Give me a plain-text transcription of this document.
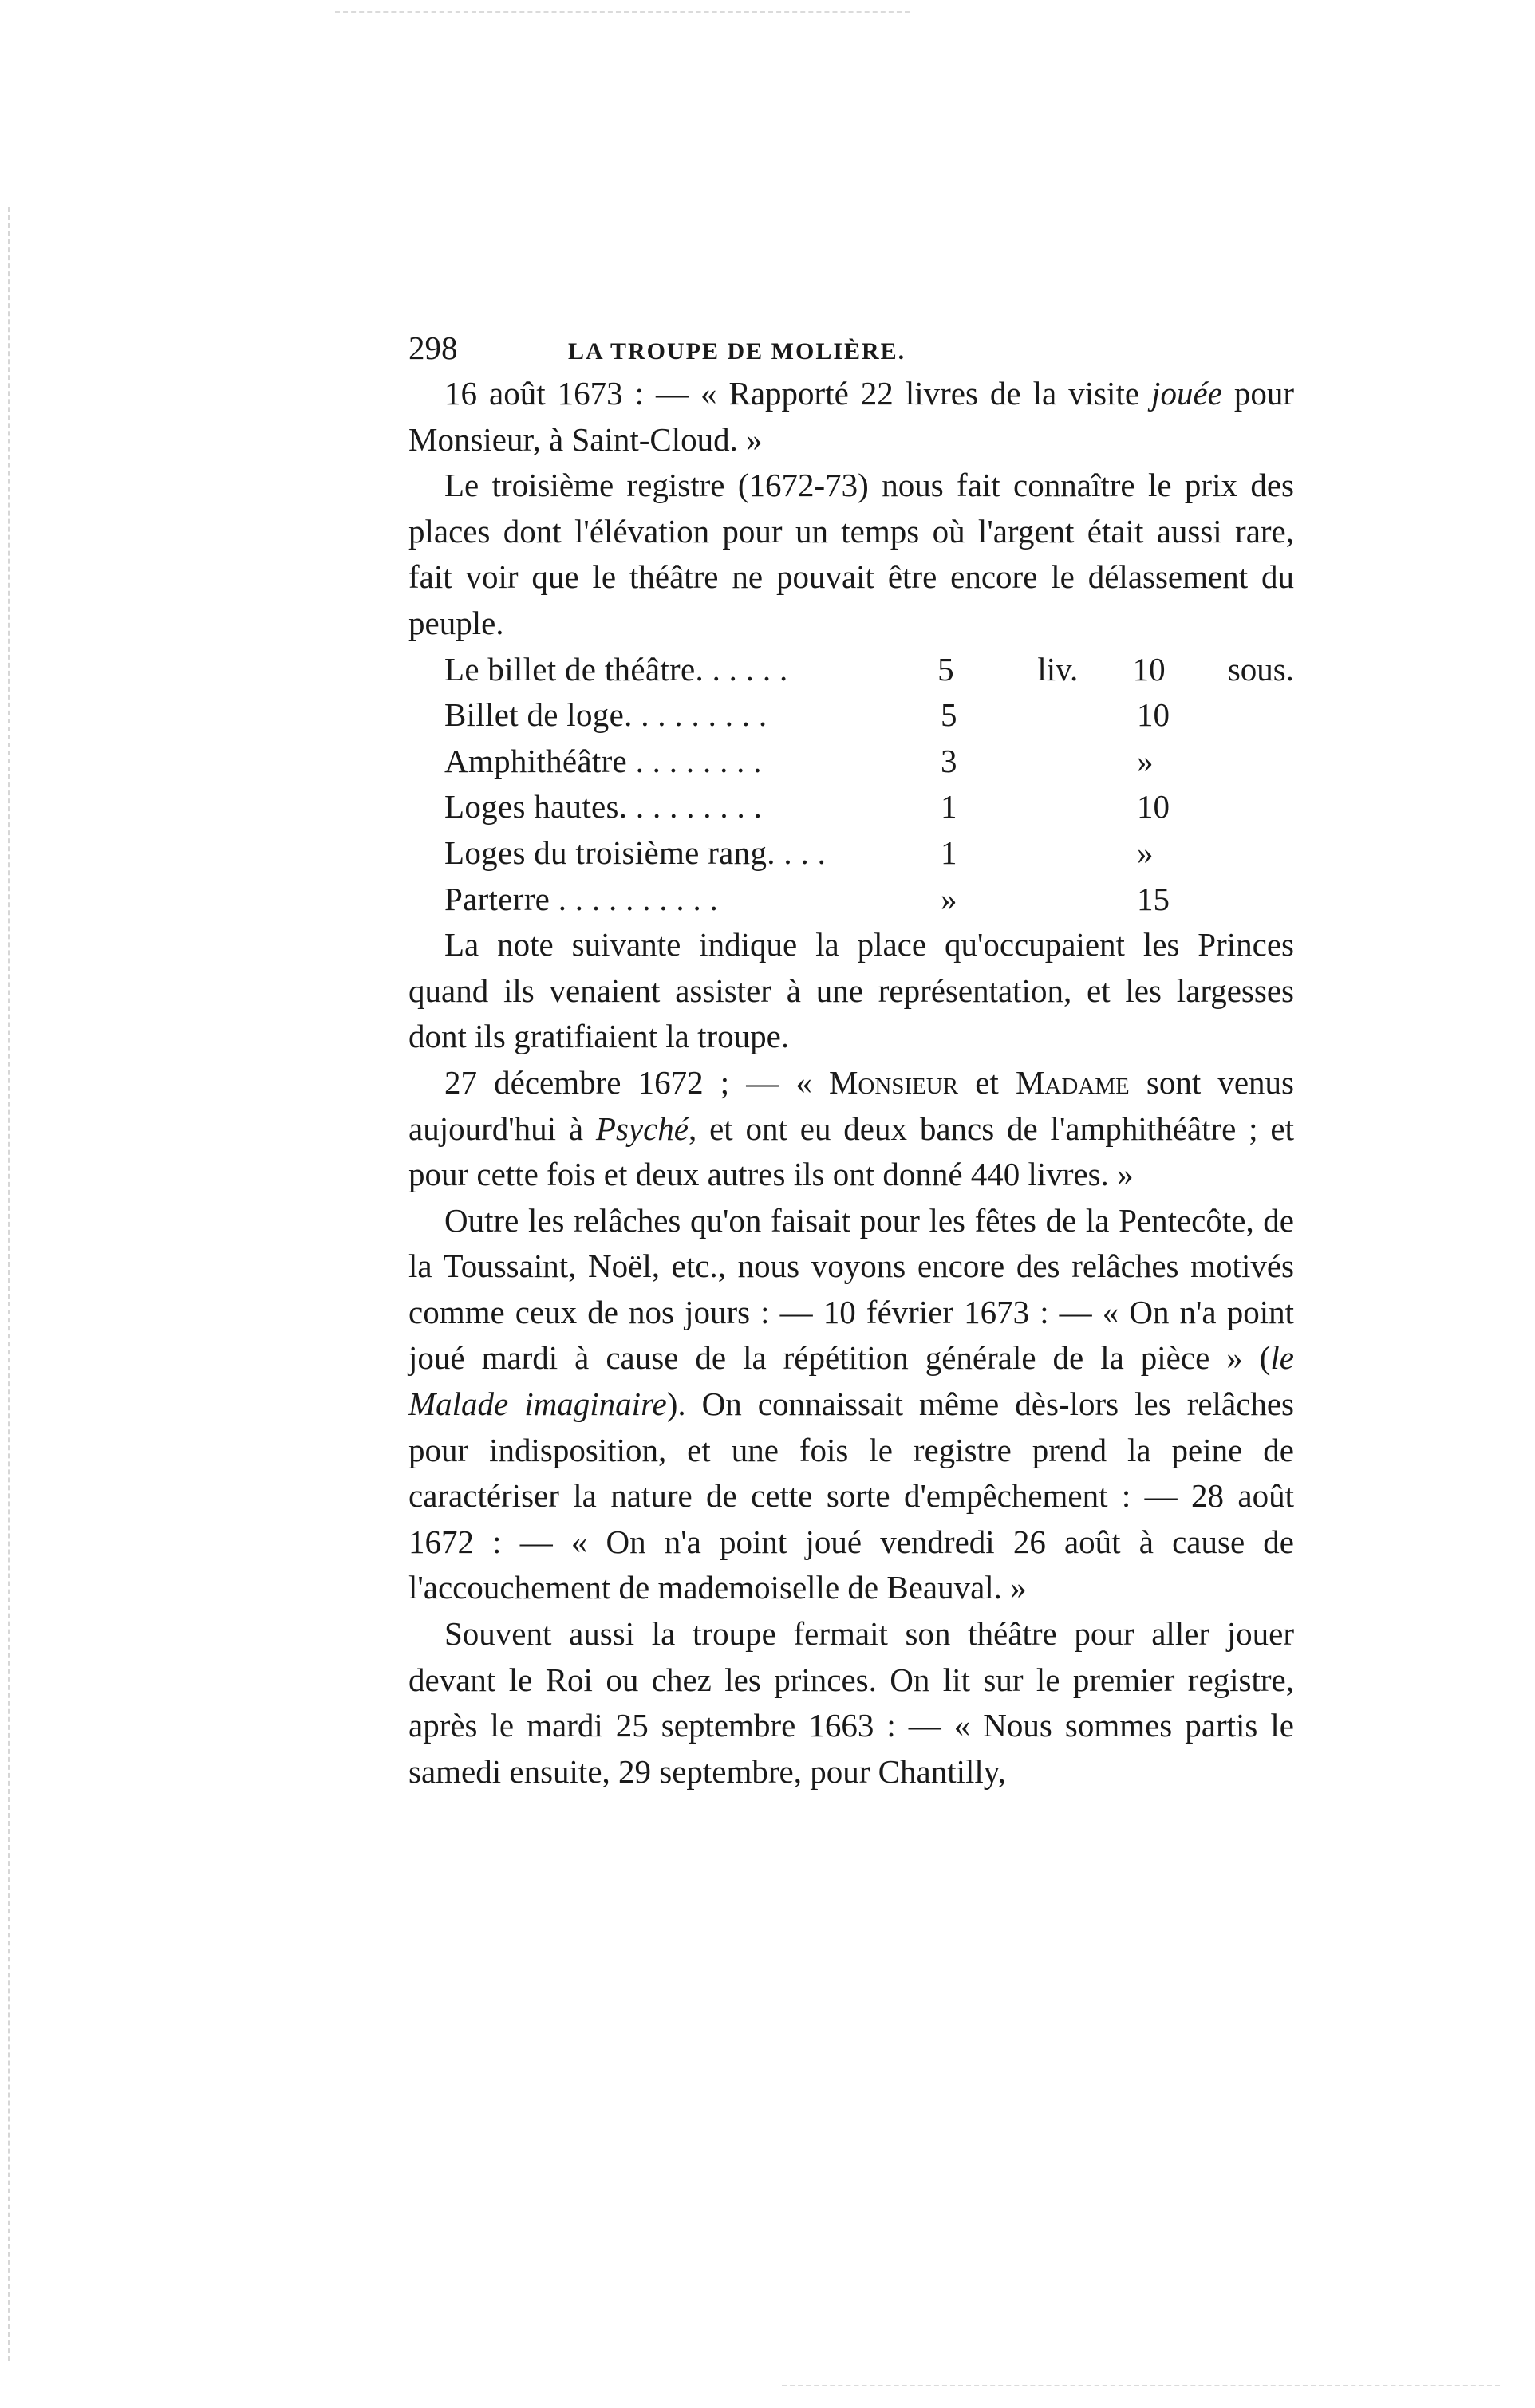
298	LA TROUPE DE MOLIÈRE.

16 août 1673 : — « Rapporté 22 livres de la visite jouée pour Monsieur, à Saint-Cloud. »

Le troisième registre (1672-73) nous fait connaître le prix des places dont l'élévation pour un temps où l'argent était aussi rare, fait voir que le théâtre ne pouvait être encore le délassement du peuple.

Le billet de théâtre. . . . . .	5	liv.	10	sous.
Billet de loge. . . . . . . . .	5	10
Amphithéâtre . . . . . . . .	3	»
Loges hautes. . . . . . . . .	1	10
Loges du troisième rang. . . .	1	»
Parterre . . . . . . . . . .	»	15

La note suivante indique la place qu'occupaient les Princes quand ils venaient assister à une représentation, et les largesses dont ils gratifiaient la troupe.

27 décembre 1672 ; — « Monsieur et Madame sont venus aujourd'hui à Psyché, et ont eu deux bancs de l'amphithéâtre ; et pour cette fois et deux autres ils ont donné 440 livres. »

Outre les relâches qu'on faisait pour les fêtes de la Pentecôte, de la Toussaint, Noël, etc., nous voyons encore des relâches motivés comme ceux de nos jours : — 10 février 1673 : — « On n'a point joué mardi à cause de la répétition générale de la pièce » (le Malade imaginaire). On connaissait même dès-lors les relâches pour indisposition, et une fois le registre prend la peine de caractériser la nature de cette sorte d'empêchement : — 28 août 1672 : — « On n'a point joué vendredi 26 août à cause de l'accouchement de mademoiselle de Beauval. »

Souvent aussi la troupe fermait son théâtre pour aller jouer devant le Roi ou chez les princes. On lit sur le premier registre, après le mardi 25 septembre 1663 : — « Nous sommes partis le samedi ensuite, 29 septembre, pour Chantilly,
